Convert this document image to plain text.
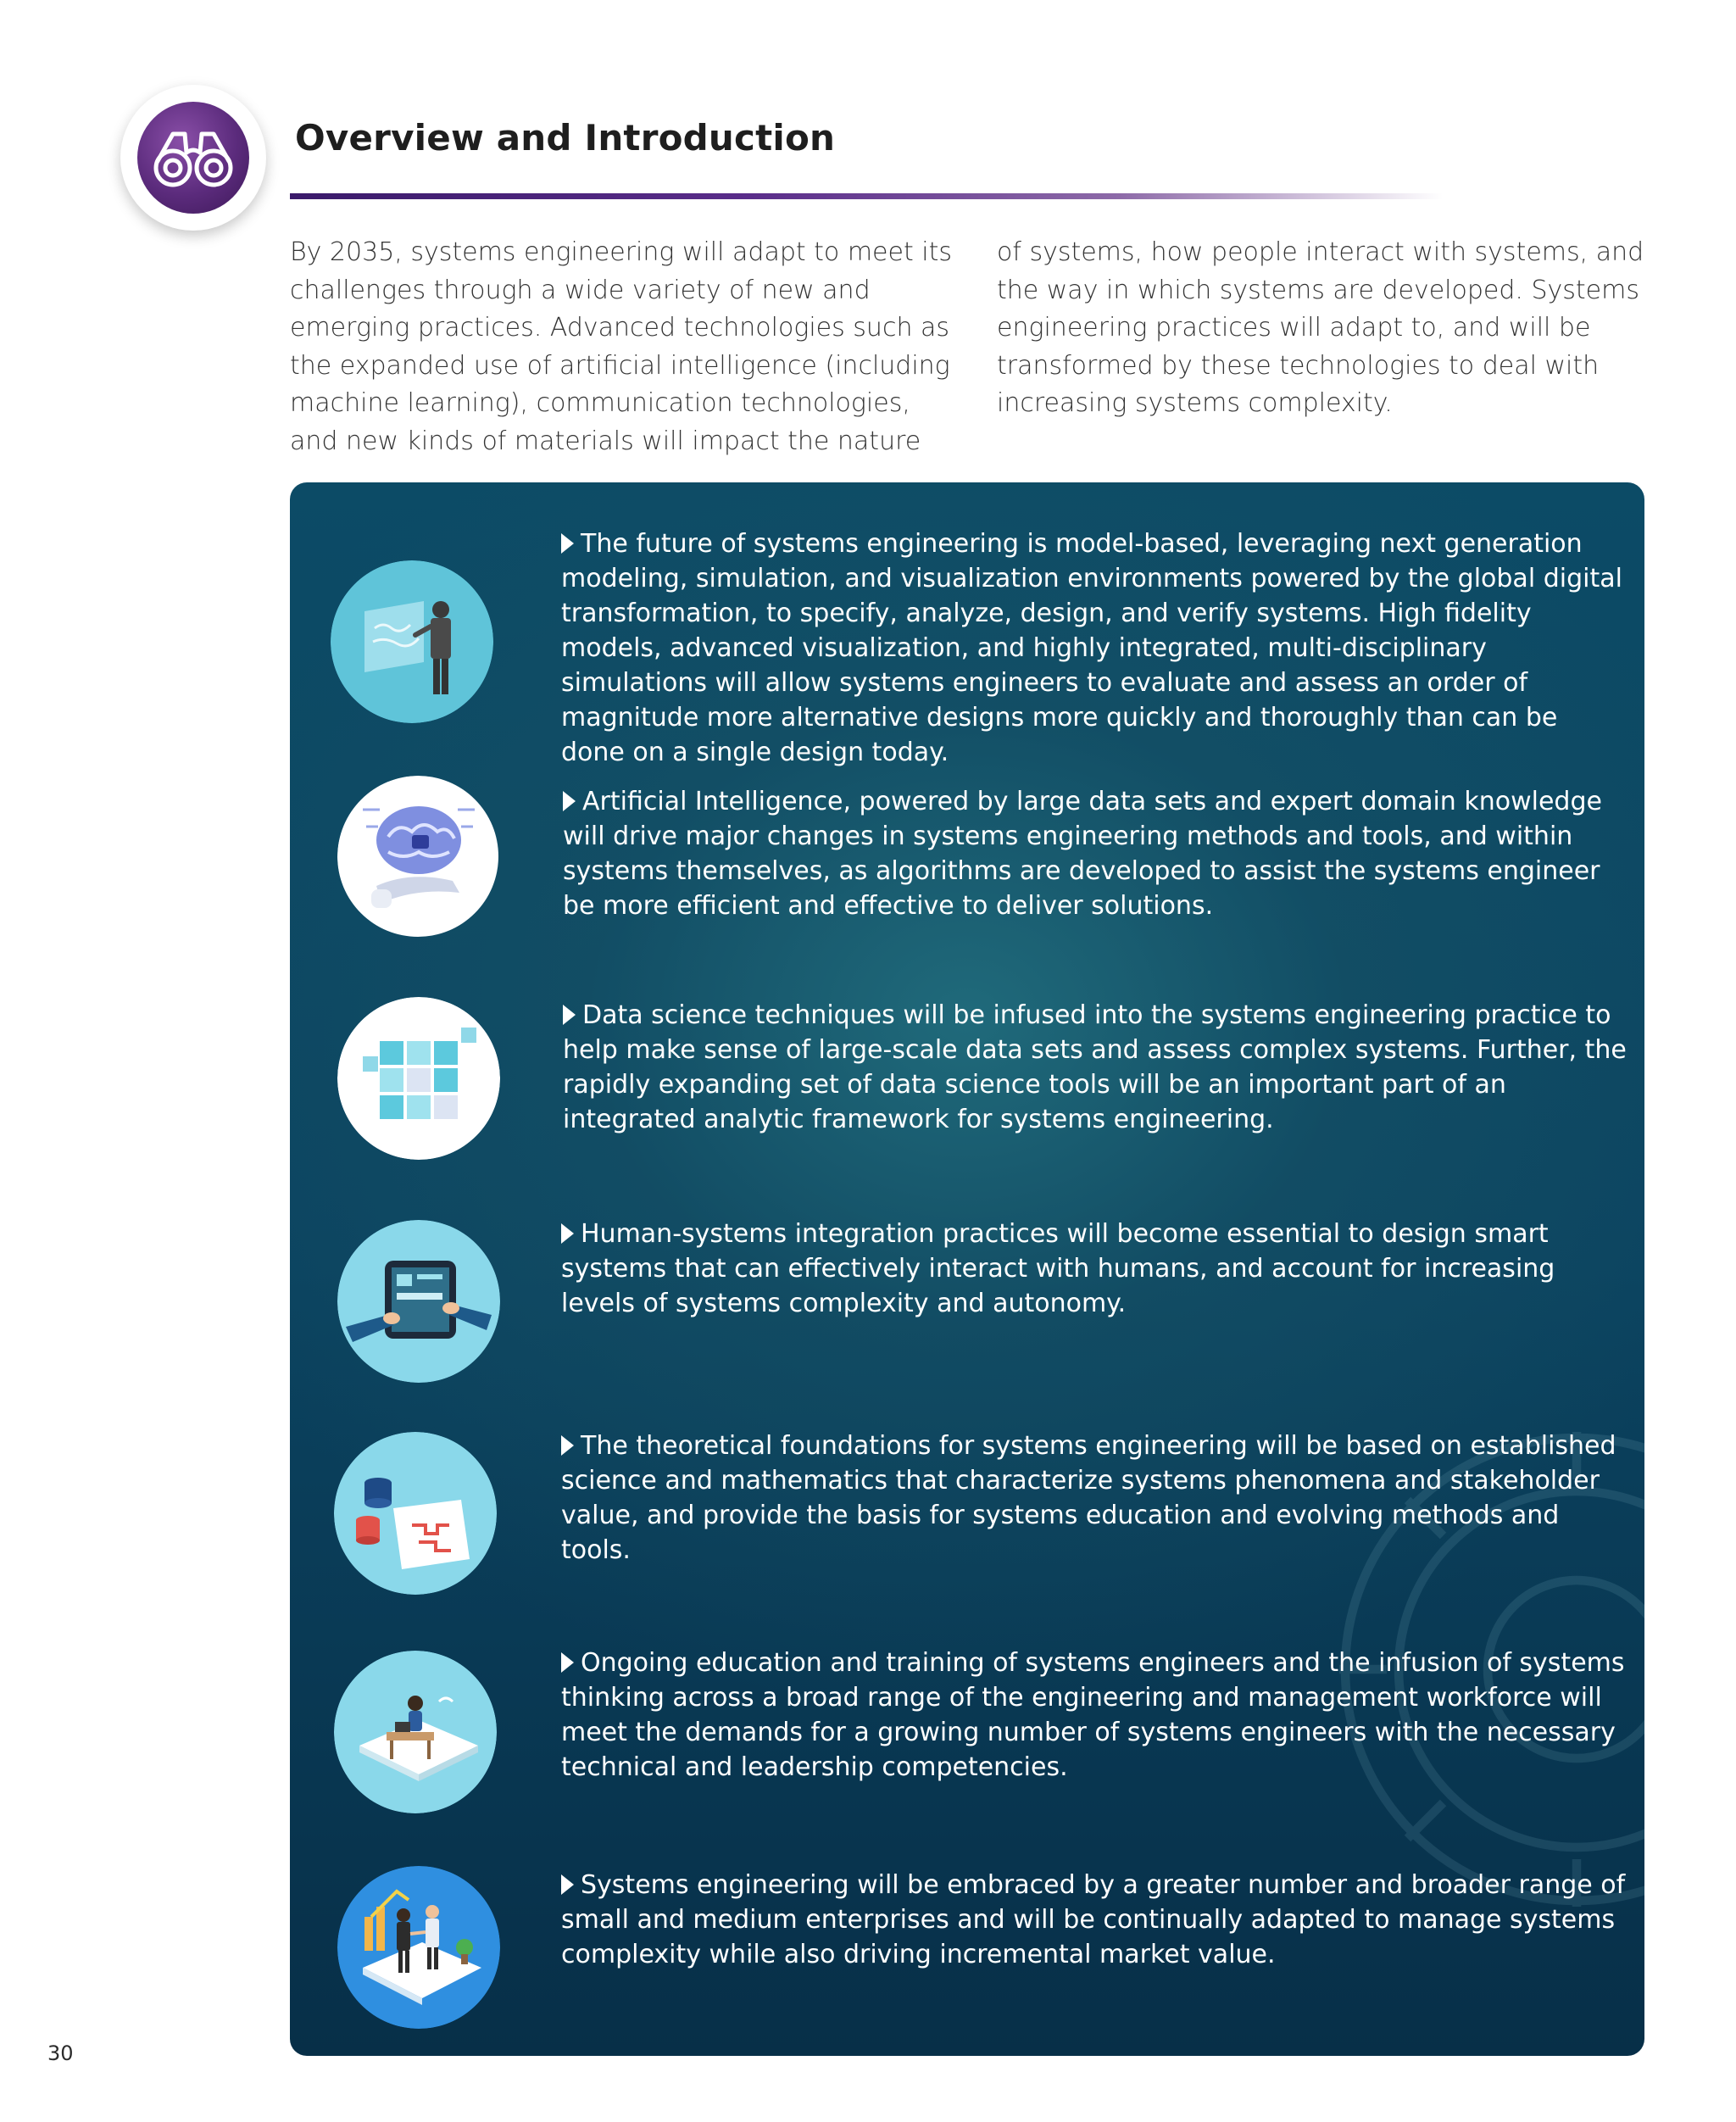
Overview and Introduction
By 2035, systems engineering will adapt to meet its challenges through a wide variety of new and emerging practices. Advanced technologies such as the expanded use of artificial intelligence (including machine learning), communication technologies, and new kinds of materials will impact the nature
of systems, how people interact with systems, and the way in which systems are developed. Systems engineering practices will adapt to, and will be transformed by these technologies to deal with increasing systems complexity.
The future of systems engineering is model-based, leveraging next generation modeling, simulation, and visualization environments powered by the global digital transformation, to specify, analyze, design, and verify systems. High fidelity models, advanced visualization, and highly integrated, multi-disciplinary simulations will allow systems engineers to evaluate and assess an order of magnitude more alternative designs more quickly and thoroughly than can be done on a single design today.
Artificial Intelligence, powered by large data sets and expert domain knowledge will drive major changes in systems engineering methods and tools, and within systems themselves, as algorithms are developed to assist the systems engineer be more efficient and effective to deliver solutions.
Data science techniques will be infused into the systems engineering practice to help make sense of large-scale data sets and assess complex systems. Further, the rapidly expanding set of data science tools will be an important part of an integrated analytic framework for systems engineering.
Human-systems integration practices will become essential to design smart systems that can effectively interact with humans, and account for increasing levels of systems complexity and autonomy.
The theoretical foundations for systems engineering will be based on established science and mathematics that characterize systems phenomena and stakeholder value, and provide the basis for systems education and evolving methods and tools.
Ongoing education and training of systems engineers and the infusion of systems thinking across a broad range of the engineering and management workforce will meet the demands for a growing number of systems engineers with the necessary technical and leadership competencies.
Systems engineering will be embraced by a greater number and broader range of small and medium enterprises and will be continually adapted to manage systems complexity while also driving incremental market value.
30
